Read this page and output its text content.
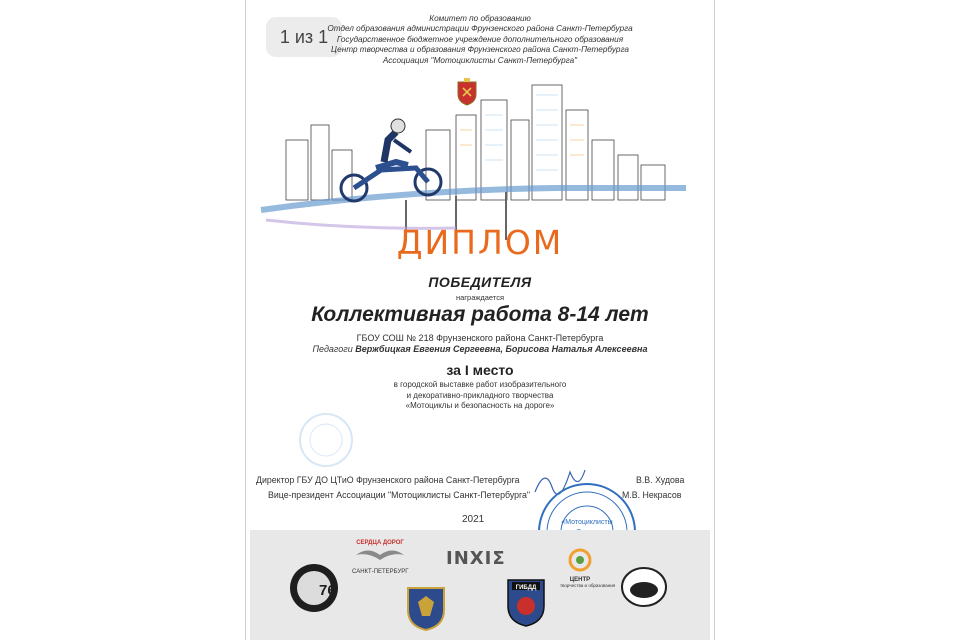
1 из 1
Комитет по образованию
Отдел образования администрации Фрунзенского района Санкт-Петербурга
Государственное бюджетное учреждение дополнительного образования
Центр творчества и образования Фрунзенского района Санкт-Петербурга
Ассоциация "Мотоциклисты Санкт-Петербурга"
ДИПЛОМ
ПОБЕДИТЕЛЯ
награждается
Коллективная работа 8-14 лет
ГБОУ СОШ № 218 Фрунзенского района Санкт-Петербурга
Педагоги Вержбицкая Евгения Сергеевна, Борисова Наталья Алексеевна
за I место
в городской выставке работ изобразительного
и декоративно-прикладного творчества
«Мотоциклы и безопасность на дороге»
Директор ГБУ ДО ЦТиО Фрунзенского района Санкт-Петербурга	В.В. Худова
Вице-президент Ассоциации "Мотоциклисты Санкт-Петербурга"	М.В. Некрасов
«Мотоциклисты
2021
76
СЕРДЦА ДОРОГ
САНКТ-ПЕТЕРБУРГ
ΙΝΧΙΣ
ГИБДД
ЦЕНТР
творчества и образования
